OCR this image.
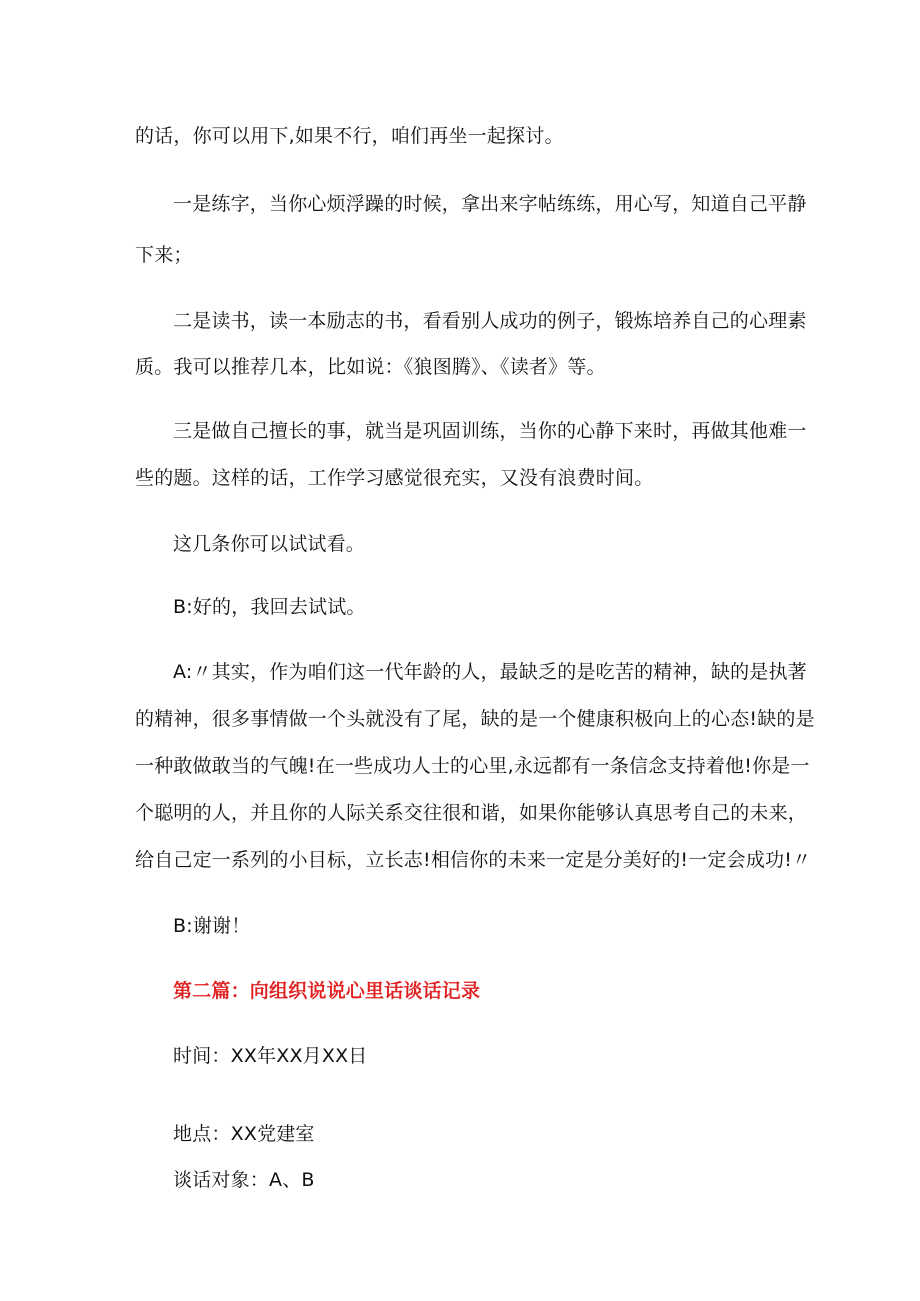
的话，你可以用下,如果不行，咱们再坐一起探讨。
一是练字，当你心烦浮躁的时候，拿出来字帖练练，用心写，知道自己平静
下来；
二是读书，读一本励志的书，看看别人成功的例子，锻炼培养自己的心理素
质。我可以推荐几本，比如说：《狼图腾》、《读者》等。
三是做自己擅长的事，就当是巩固训练，当你的心静下来时，再做其他难一
些的题。这样的话，工作学习感觉很充实，又没有浪费时间。
这几条你可以试试看。
B:好的，我回去试试。
A:〃其实，作为咱们这一代年龄的人，最缺乏的是吃苦的精神，缺的是执著
的精神，很多事情做一个头就没有了尾，缺的是一个健康积极向上的心态!缺的是
一种敢做敢当的气魄!在一些成功人士的心里,永远都有一条信念支持着他!你是一
个聪明的人，并且你的人际关系交往很和谐，如果你能够认真思考自己的未来，
给自己定一系列的小目标，立长志!相信你的未来一定是分美好的!一定会成功!〃
B:谢谢！
第二篇：向组织说说心里话谈话记录
时间：XX年XX月XX日
地点：XX党建室
谈话对象：A、B
